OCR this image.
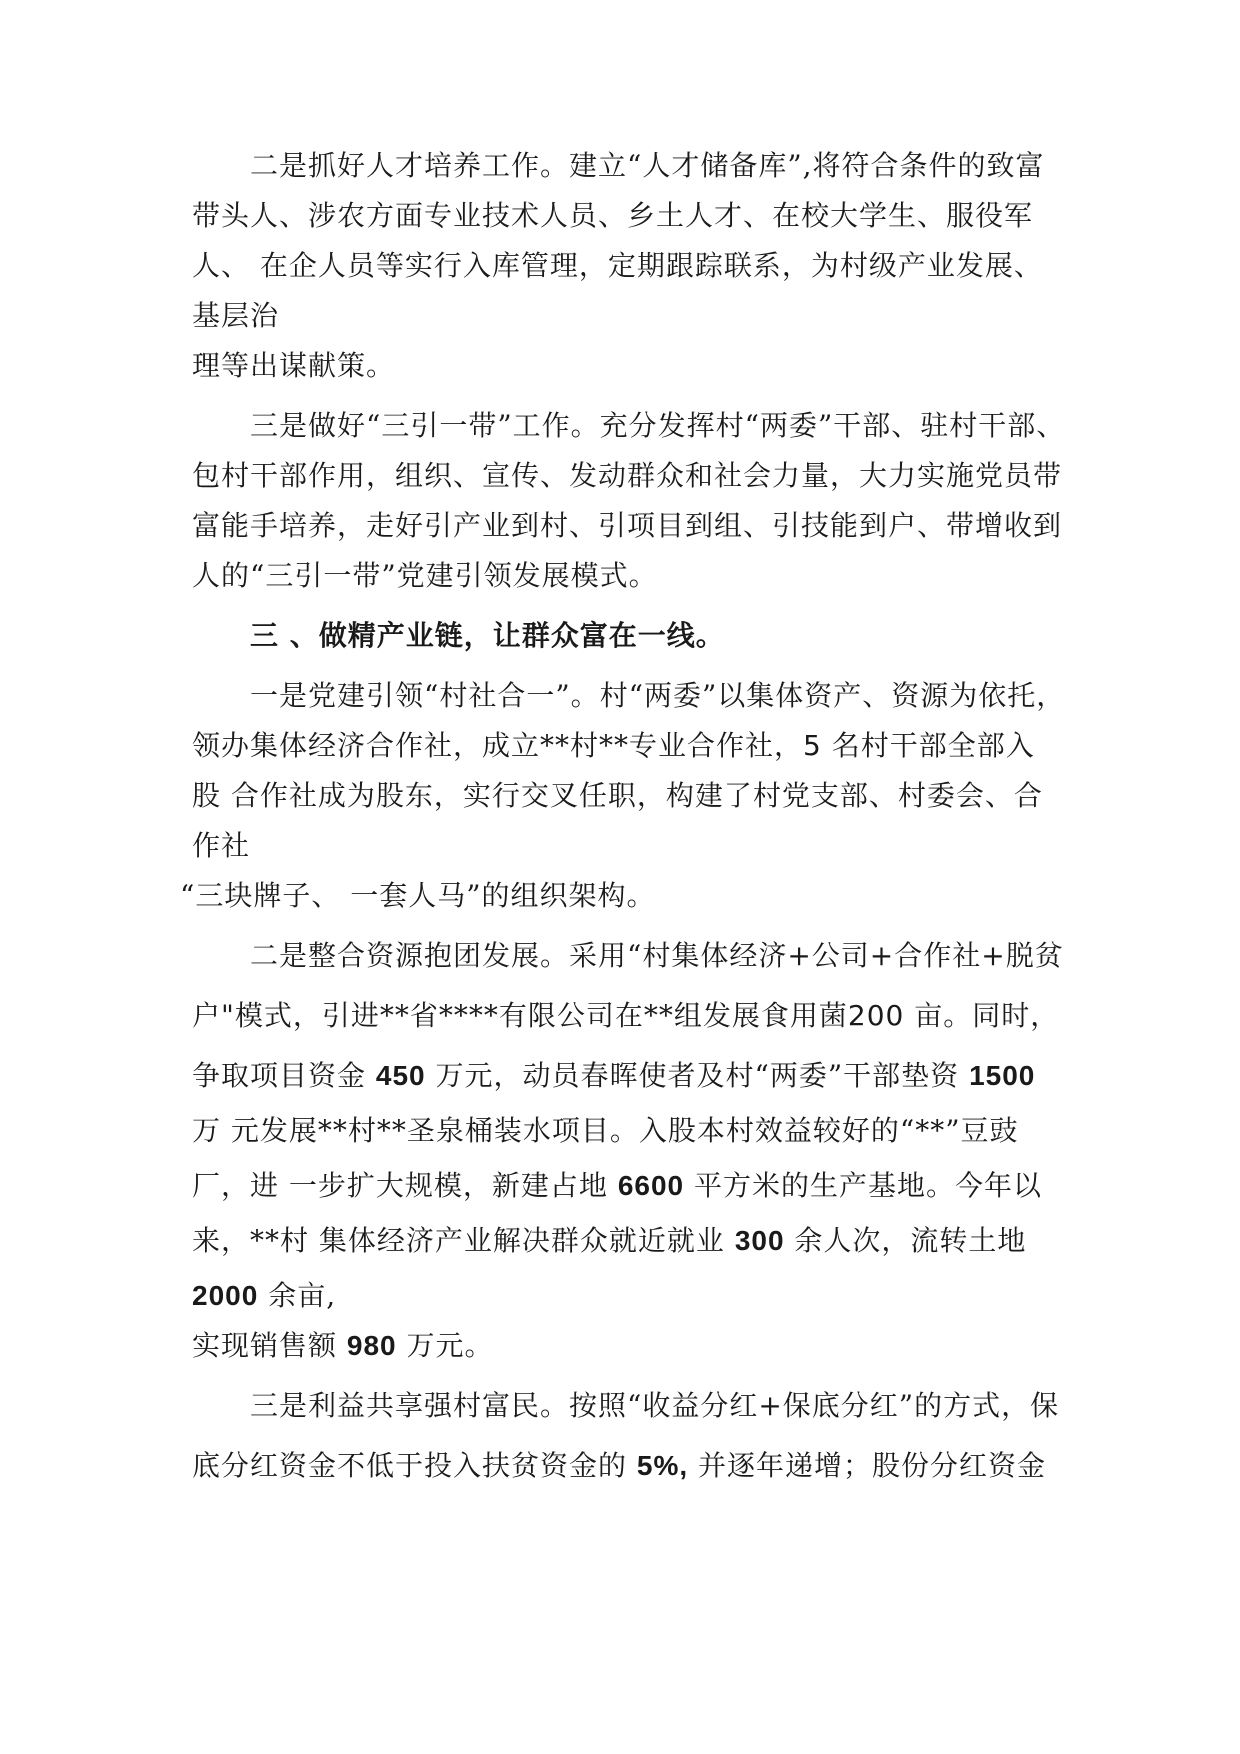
二是抓好人才培养工作。建立“人才储备库”,将符合条件的致富
带头人、涉农方面专业技术人员、乡土人才、在校大学生、服役军
人、 在企人员等实行入库管理，定期跟踪联系，为村级产业发展、
基层治
理等出谋献策。
三是做好“三引一带”工作。充分发挥村“两委”干部、驻村干部、
包村干部作用，组织、宣传、发动群众和社会力量，大力实施党员带
富能手培养，走好引产业到村、引项目到组、引技能到户、带增收到
人的“三引一带”党建引领发展模式。
三 、做精产业链，让群众富在一线。
一是党建引领“村社合一”。村“两委”以集体资产、资源为依托，
领办集体经济合作社，成立**村**专业合作社，5 名村干部全部入
股 合作社成为股东，实行交叉任职，构建了村党支部、村委会、合
作社
“三块牌子、 一套人马”的组织架构。
二是整合资源抱团发展。采用“村集体经济+公司+合作社+脱贫
户"模式，引进**省****有限公司在**组发展食用菌200 亩。同时，
争取项目资金 450 万元，动员春晖使者及村“两委”干部垫资 1500
万 元发展**村**圣泉桶装水项目。入股本村效益较好的“**”豆豉
厂，进 一步扩大规模，新建占地 6600 平方米的生产基地。今年以
来，**村 集体经济产业解决群众就近就业 300 余人次，流转土地
2000 余亩,
实现销售额 980 万元。
三是利益共享强村富民。按照“收益分红+保底分红”的方式，保
底分红资金不低于投入扶贫资金的 5%, 并逐年递增；股份分红资金
